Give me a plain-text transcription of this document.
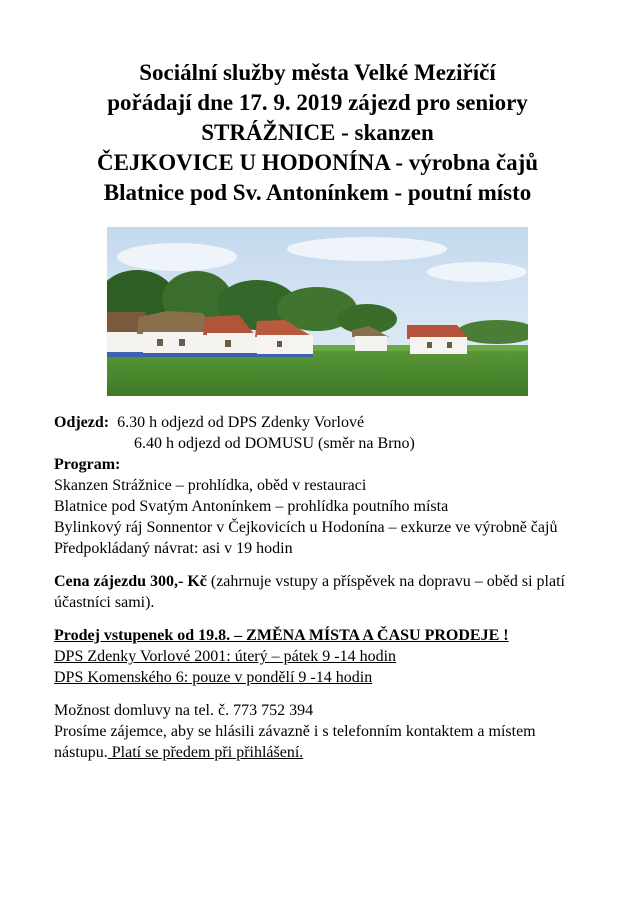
Sociální služby města Velké Meziříčí
pořádají dne 17. 9. 2019 zájezd pro seniory
STRÁŽNICE - skanzen
ČEJKOVICE U HODONÍNA - výrobna čajů
Blatnice pod Sv. Antonínkem - poutní místo
Odjezd: 6.30 h odjezd od DPS Zdenky Vorlové
6.40 h odjezd od DOMUSU (směr na Brno)
Program:
Skanzen Strážnice – prohlídka, oběd v restauraci
Blatnice pod Svatým Antonínkem – prohlídka poutního místa
Bylinkový ráj Sonnentor v Čejkovicích u Hodonína – exkurze ve výrobně čajů
Předpokládaný návrat: asi v 19 hodin
Cena zájezdu 300,- Kč (zahrnuje vstupy a příspěvek na dopravu – oběd si platí účastníci sami).
Prodej vstupenek od 19.8. – ZMĚNA MÍSTA A ČASU PRODEJE !
DPS Zdenky Vorlové 2001: úterý – pátek 9 -14 hodin
DPS Komenského 6: pouze v pondělí 9 -14 hodin
Možnost domluvy na tel. č. 773 752 394
Prosíme zájemce, aby se hlásili závazně i s telefonním kontaktem a místem nástupu. Platí se předem při přihlášení.
